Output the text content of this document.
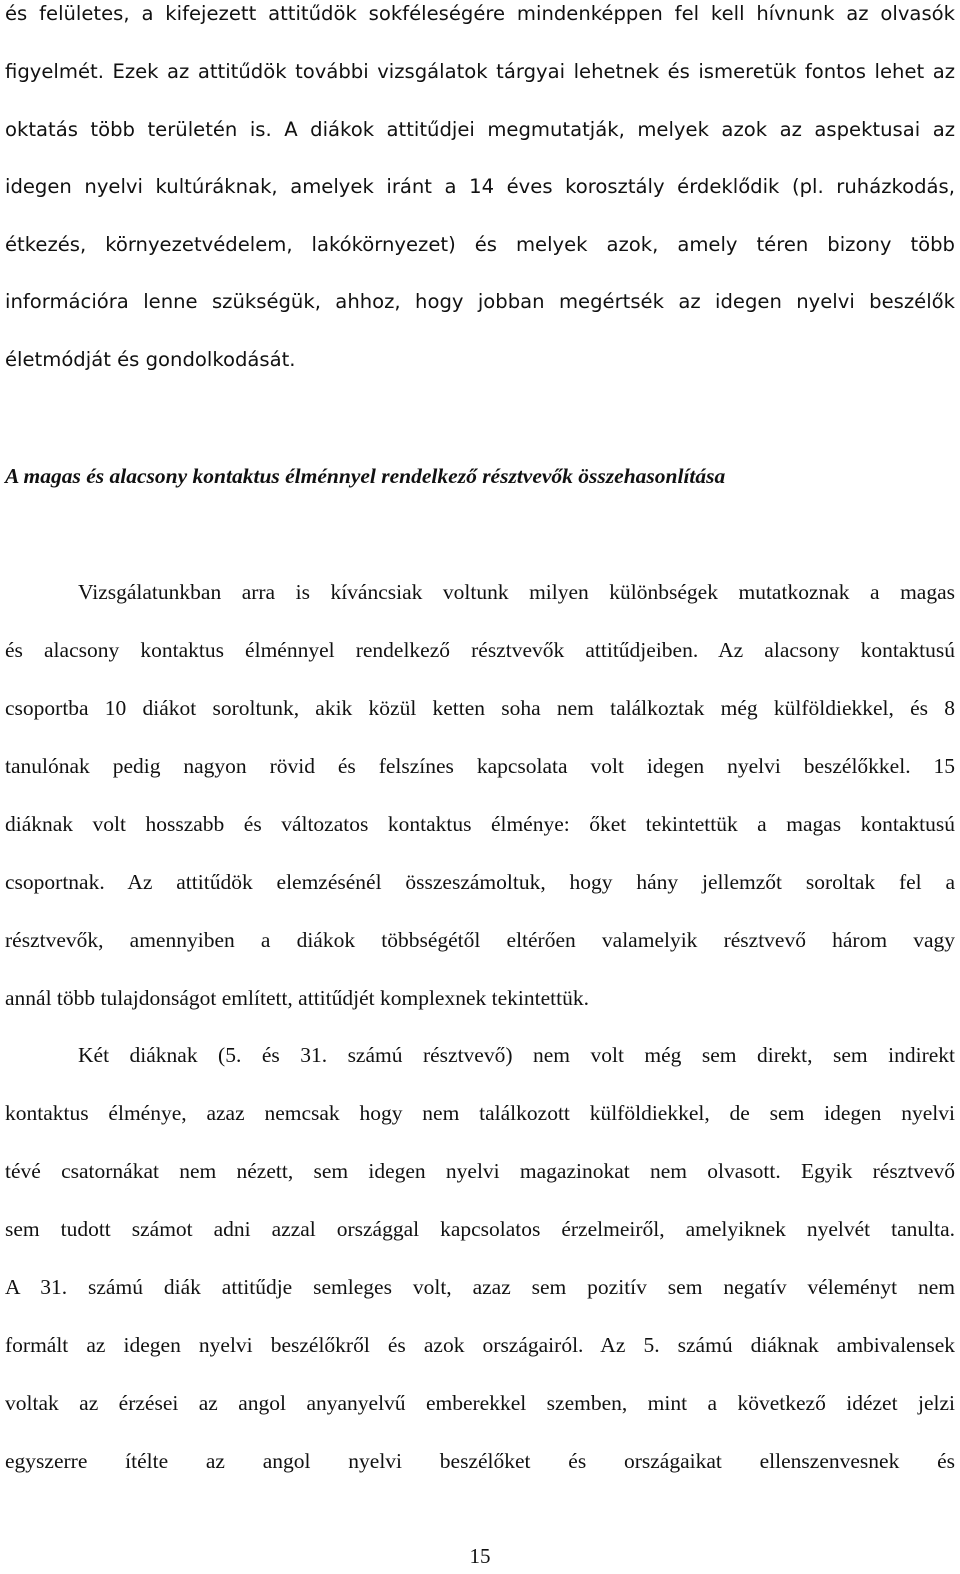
és felületes, a kifejezett attitűdök sokféleségére mindenképpen fel kell hívnunk az olvasók

figyelmét. Ezek az attitűdök további vizsgálatok tárgyai lehetnek és ismeretük fontos lehet az

oktatás több területén is. A diákok attitűdjei megmutatják, melyek azok az aspektusai az

idegen nyelvi kultúráknak, amelyek iránt a 14 éves korosztály érdeklődik (pl. ruházkodás,

étkezés, környezetvédelem, lakókörnyezet) és melyek azok, amely téren bizony több

információra lenne szükségük, ahhoz, hogy jobban megértsék az idegen nyelvi beszélők

életmódját és gondolkodását.

A magas és alacsony kontaktus élménnyel rendelkező résztvevők összehasonlítása

Vizsgálatunkban arra is kíváncsiak voltunk milyen különbségek mutatkoznak a magas

és alacsony kontaktus élménnyel rendelkező résztvevők attitűdjeiben. Az alacsony kontaktusú

csoportba 10 diákot soroltunk, akik közül ketten soha nem találkoztak még külföldiekkel, és 8

tanulónak pedig nagyon rövid és felszínes kapcsolata volt idegen nyelvi beszélőkkel. 15

diáknak volt hosszabb és változatos kontaktus élménye: őket tekintettük a magas kontaktusú

csoportnak. Az attitűdök elemzésénél összeszámoltuk, hogy hány jellemzőt soroltak fel a

résztvevők, amennyiben a diákok többségétől eltérően valamelyik résztvevő három vagy

annál több tulajdonságot említett, attitűdjét komplexnek tekintettük.

Két diáknak (5. és 31. számú résztvevő) nem volt még sem direkt, sem indirekt

kontaktus élménye, azaz nemcsak hogy nem találkozott külföldiekkel, de sem idegen nyelvi

tévé csatornákat nem nézett, sem idegen nyelvi magazinokat nem olvasott. Egyik résztvevő

sem tudott számot adni azzal országgal kapcsolatos érzelmeiről, amelyiknek nyelvét tanulta.

A 31. számú diák attitűdje semleges volt, azaz sem pozitív sem negatív véleményt nem

formált az idegen nyelvi beszélőkről és azok országairól. Az 5. számú diáknak ambivalensek

voltak az érzései az angol anyanyelvű emberekkel szemben, mint a következő idézet jelzi

egyszerre ítélte az angol nyelvi beszélőket és országaikat ellenszenvesnek és

15
